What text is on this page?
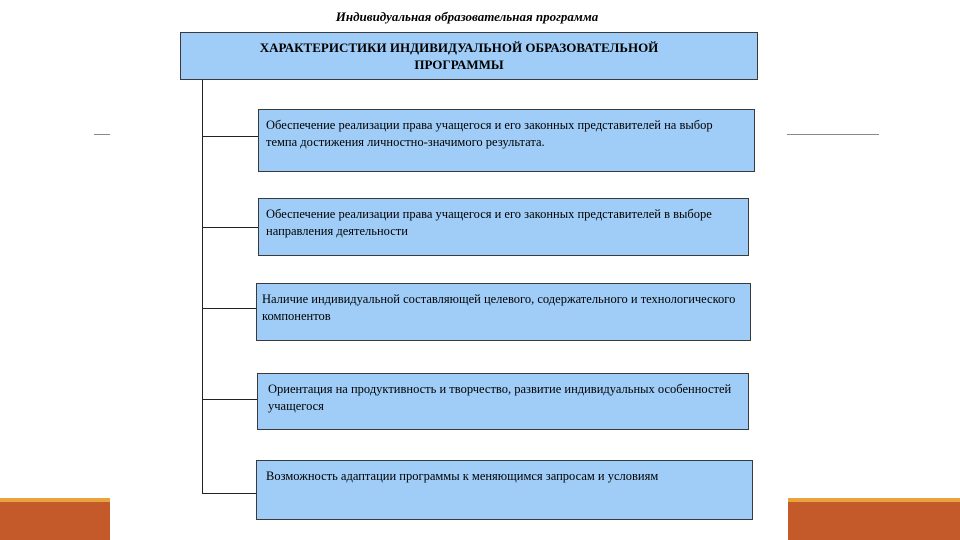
Индивидуальная образовательная программа
ХАРАКТЕРИСТИКИ ИНДИВИДУАЛЬНОЙ ОБРАЗОВАТЕЛЬНОЙ ПРОГРАММЫ
Обеспечение реализации права учащегося и его законных представителей на выбор темпа достижения личностно-значимого результата.
Обеспечение реализации права учащегося и его законных представителей в выборе направления деятельности
Наличие индивидуальной составляющей целевого, содержательного и технологического компонентов
Ориентация на продуктивность и творчество, развитие индивидуальных особенностей учащегося
Возможность адаптации программы к меняющимся запросам и условиям
